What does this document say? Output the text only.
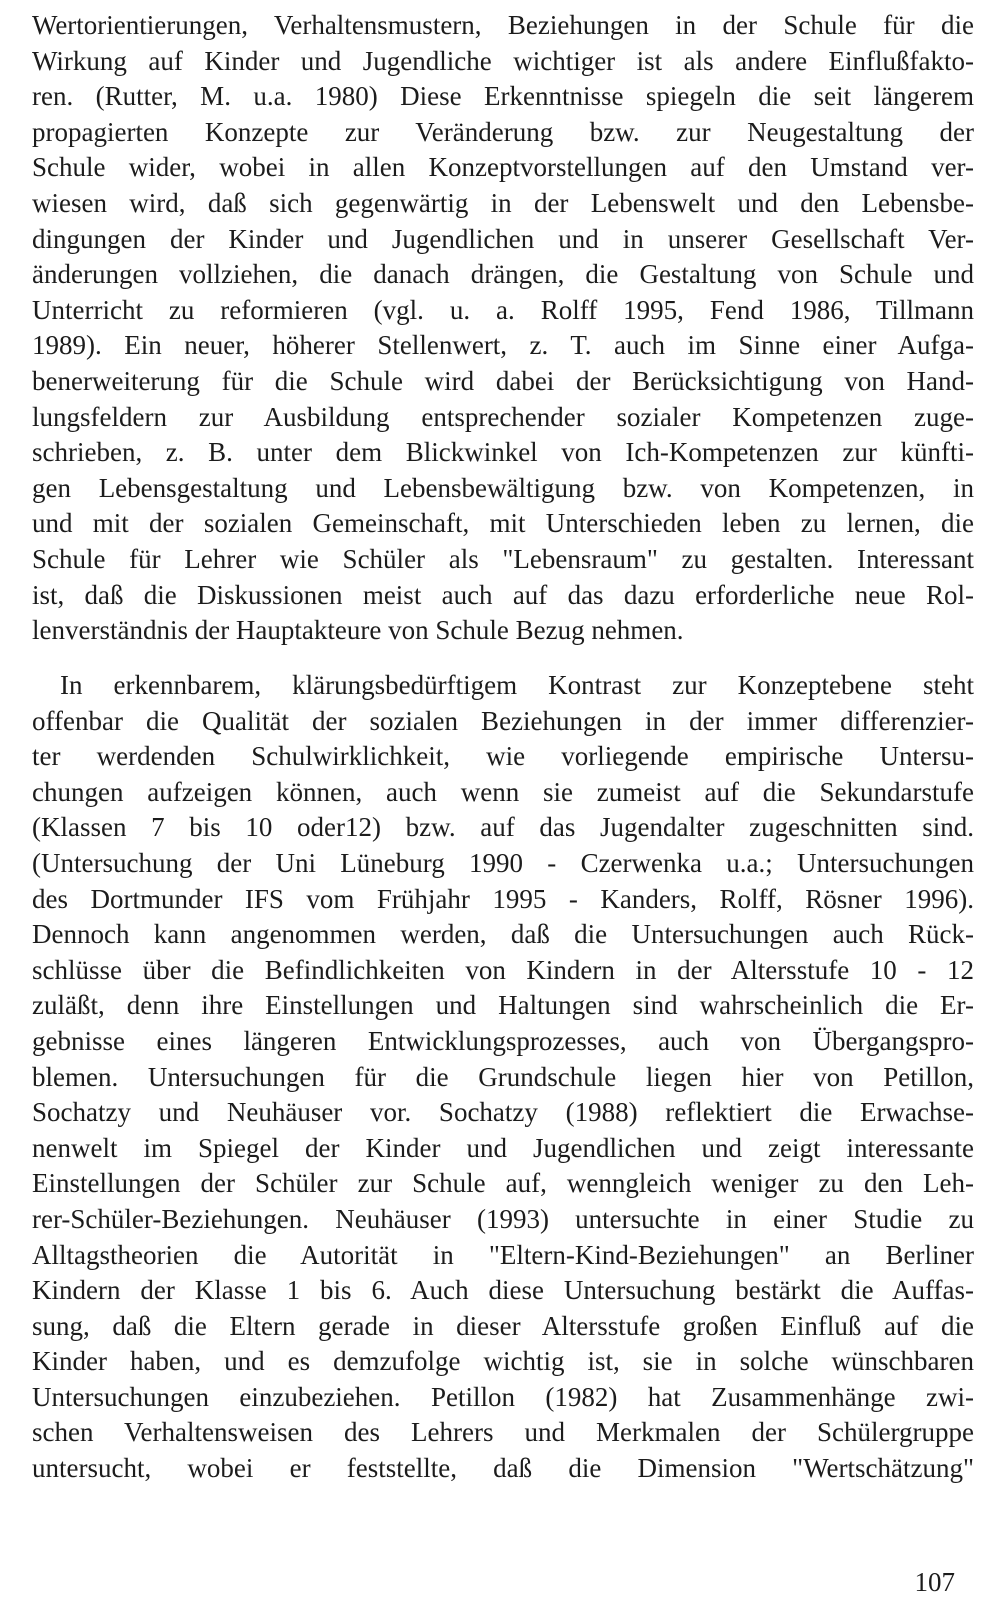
Wertorientierungen, Verhaltensmustern, Beziehungen in der Schule für die
Wirkung auf Kinder und Jugendliche wichtiger ist als andere Einflußfakto-
ren. (Rutter, M. u.a. 1980) Diese Erkenntnisse spiegeln die seit längerem
propagierten Konzepte zur Veränderung bzw. zur Neugestaltung der
Schule wider, wobei in allen Konzeptvorstellungen auf den Umstand ver-
wiesen wird, daß sich gegenwärtig in der Lebenswelt und den Lebensbe-
dingungen der Kinder und Jugendlichen und in unserer Gesellschaft Ver-
änderungen vollziehen, die danach drängen, die Gestaltung von Schule und
Unterricht zu reformieren (vgl. u. a. Rolff 1995, Fend 1986, Tillmann
1989). Ein neuer, höherer Stellenwert, z. T. auch im Sinne einer Aufga-
benerweiterung für die Schule wird dabei der Berücksichtigung von Hand-
lungsfeldern zur Ausbildung entsprechender sozialer Kompetenzen zuge-
schrieben, z. B. unter dem Blickwinkel von Ich-Kompetenzen zur künfti-
gen Lebensgestaltung und Lebensbewältigung bzw. von Kompetenzen, in
und mit der sozialen Gemeinschaft, mit Unterschieden leben zu lernen, die
Schule für Lehrer wie Schüler als "Lebensraum" zu gestalten. Interessant
ist, daß die Diskussionen meist auch auf das dazu erforderliche neue Rol-
lenverständnis der Hauptakteure von Schule Bezug nehmen.
In erkennbarem, klärungsbedürftigem Kontrast zur Konzeptebene steht
offenbar die Qualität der sozialen Beziehungen in der immer differenzier-
ter werdenden Schulwirklichkeit, wie vorliegende empirische Untersu-
chungen aufzeigen können, auch wenn sie zumeist auf die Sekundarstufe
(Klassen 7 bis 10 oder12) bzw. auf das Jugendalter zugeschnitten sind.
(Untersuchung der Uni Lüneburg 1990 - Czerwenka u.a.; Untersuchungen
des Dortmunder IFS vom Frühjahr 1995 - Kanders, Rolff, Rösner 1996).
Dennoch kann angenommen werden, daß die Untersuchungen auch Rück-
schlüsse über die Befindlichkeiten von Kindern in der Altersstufe 10 - 12
zuläßt, denn ihre Einstellungen und Haltungen sind wahrscheinlich die Er-
gebnisse eines längeren Entwicklungsprozesses, auch von Übergangspro-
blemen. Untersuchungen für die Grundschule liegen hier von Petillon,
Sochatzy und Neuhäuser vor. Sochatzy (1988) reflektiert die Erwachse-
nenwelt im Spiegel der Kinder und Jugendlichen und zeigt interessante
Einstellungen der Schüler zur Schule auf, wenngleich weniger zu den Leh-
rer-Schüler-Beziehungen. Neuhäuser (1993) untersuchte in einer Studie zu
Alltagstheorien die Autorität in "Eltern-Kind-Beziehungen" an Berliner
Kindern der Klasse 1 bis 6. Auch diese Untersuchung bestärkt die Auffas-
sung, daß die Eltern gerade in dieser Altersstufe großen Einfluß auf die
Kinder haben, und es demzufolge wichtig ist, sie in solche wünschbaren
Untersuchungen einzubeziehen. Petillon (1982) hat Zusammenhänge zwi-
schen Verhaltensweisen des Lehrers und Merkmalen der Schülergruppe
untersucht, wobei er feststellte, daß die Dimension "Wertschätzung"
107
